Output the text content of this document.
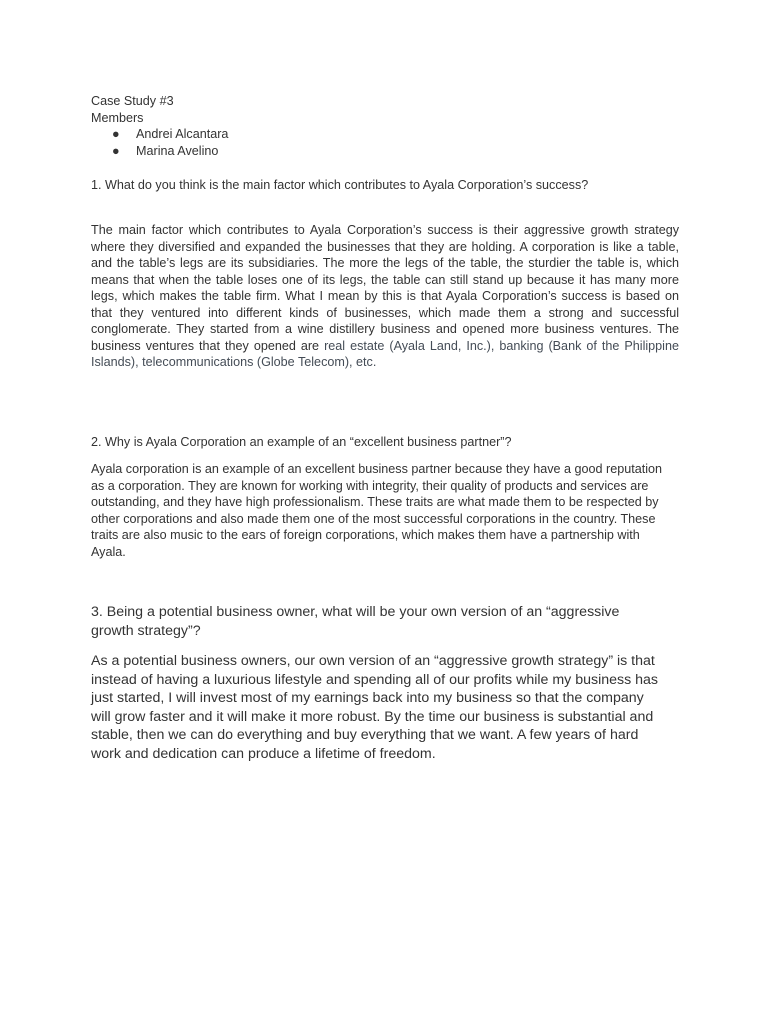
Case Study #3
Members
● Andrei Alcantara
● Marina Avelino
1. What do you think is the main factor which contributes to Ayala Corporation’s success?

The main factor which contributes to Ayala Corporation’s success is their aggressive growth strategy where they diversified and expanded the businesses that they are holding. A corporation is like a table, and the table’s legs are its subsidiaries. The more the legs of the table, the sturdier the table is, which means that when the table loses one of its legs, the table can still stand up because it has many more legs, which makes the table firm. What I mean by this is that Ayala Corporation’s success is based on that they ventured into different kinds of businesses, which made them a strong and successful conglomerate. They started from a wine distillery business and opened more business ventures. The business ventures that they opened are real estate (Ayala Land, Inc.), banking (Bank of the Philippine Islands), telecommunications (Globe Telecom), etc.

2. Why is Ayala Corporation an example of an “excellent business partner”?

Ayala corporation is an example of an excellent business partner because they have a good reputation as a corporation. They are known for working with integrity, their quality of products and services are outstanding, and they have high professionalism. These traits are what made them to be respected by other corporations and also made them one of the most successful corporations in the country. These traits are also music to the ears of foreign corporations, which makes them have a partnership with Ayala.

3. Being a potential business owner, what will be your own version of an “aggressive growth strategy”?

As a potential business owners, our own version of an “aggressive growth strategy” is that instead of having a luxurious lifestyle and spending all of our profits while my business has just started, I will invest most of my earnings back into my business so that the company will grow faster and it will make it more robust. By the time our business is substantial and stable, then we can do everything and buy everything that we want. A few years of hard work and dedication can produce a lifetime of freedom.
